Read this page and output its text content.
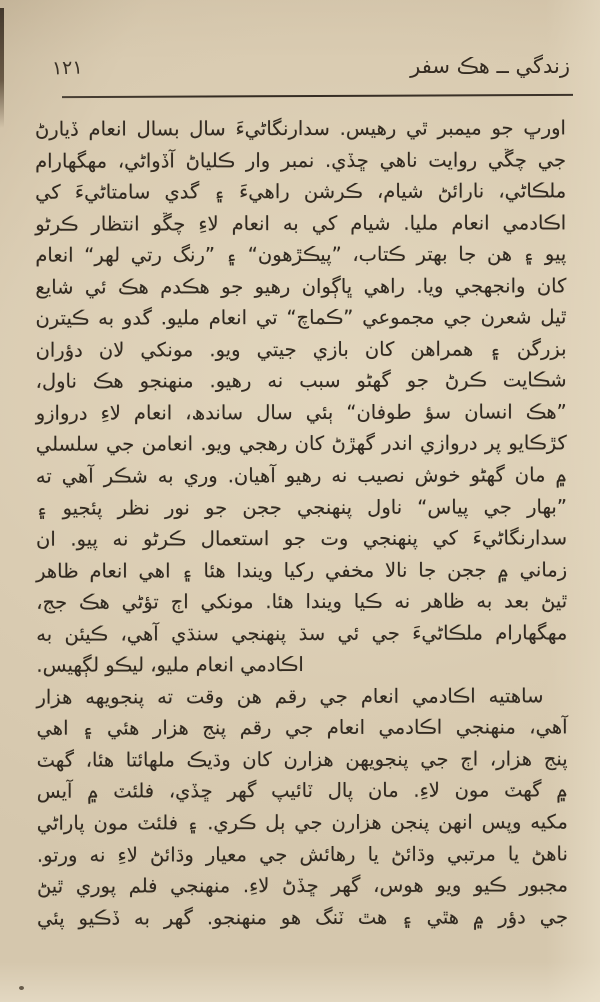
۱۲۱	زندگي ــ هڪ سفر
اورڀ جو ميمبر ٿي رهيس. سدارنگاڻيءَ سال بسال انعام ڏيارڻ
جي چڱي روايت ناهي ڇڏي. نمبر وار ڪلياڻ آڏواڻي، مهگهارام
ملڪاڻي، نارائڻ شيام، ڪرشن راهيءَ ۽ گدي سامتاڻيءَ کي
اڪادمي انعام مليا. شيام کي به انعام لاءِ چڱو انتظار ڪرڻو
پيو ۽ هن جا بهتر ڪتاب، ”پيڪڙهون“ ۽ ”رنگ رتي لهر“ انعام
کان وانجھجي ويا. راهي ڀاڳوان رهيو جو هڪدم هڪ ئي شايع
ٿيل شعرن جي مجموعي ”ڪماچ“ تي انعام مليو. گدو به ڪيترن
بزرگن ۽ همراهن کان بازي جيتي ويو. مونکي لان دؤران
شڪايت ڪرڻ جو گهڻو سبب نه رهيو. منهنجو هڪ ناول،
”هڪ انسان سؤ طوفان“ ٻئي سال ساندھ، انعام لاءِ دروازو
کڙڪايو پر دروازي اندر گهڙڻ کان رهجي ويو. انعامن جي سلسلي
۾ مان گهڻو خوش نصيب نه رهيو آهيان. وري به شڪر آهي ته
”بهار جي پياس“ ناول پنهنجي ججن جو نور نظر پئجيو ۽
سدارنگاڻيءَ کي پنهنجي وت جو استعمال ڪرڻو نه پيو. ان
زماني ۾ ججن جا نالا مخفي رکيا ويندا هئا ۽ اهي انعام ظاهر
ٿيڻ بعد به ظاهر نه ڪيا ويندا هئا. مونکي اڄ تؤڻي هڪ جج،
مهگهارام ملڪاڻيءَ جي ئي سڌ پنهنجي سنڌي آهي، ڪيئن به
اڪادمي انعام مليو، ليڪو لڳهيس.
ساهتيه اڪادمي انعام جي رقم هن وقت ته پنجويهه هزار
آهي، منهنجي اڪادمي انعام جي رقم پنج هزار هئي ۽ اهي
پنج هزار، اڄ جي پنجويهن هزارن کان وڌيڪ ملهائتا هئا، گهٽ
۾ گهٽ مون لاءِ. مان پال ٽائيپ گهر ڇڏي، فلئٽ ۾ آيس
مکيه وپس انهن پنجن هزارن جي ٻل ڪري. ۽ فلئٽ مون پاراڻي
ناهڻ يا مرتبي وڌائڻ يا رهائش جي معيار وڌائڻ لاءِ نه ورتو.
مجبور ڪيو ويو هوس، گهر ڇڏڻ لاءِ. منهنجي فلم پوري ٿيڻ
جي دؤر ۾ هٿي ۽ هٿ ٽنگ هو منهنجو. گهر به ڏڪيو پئي
